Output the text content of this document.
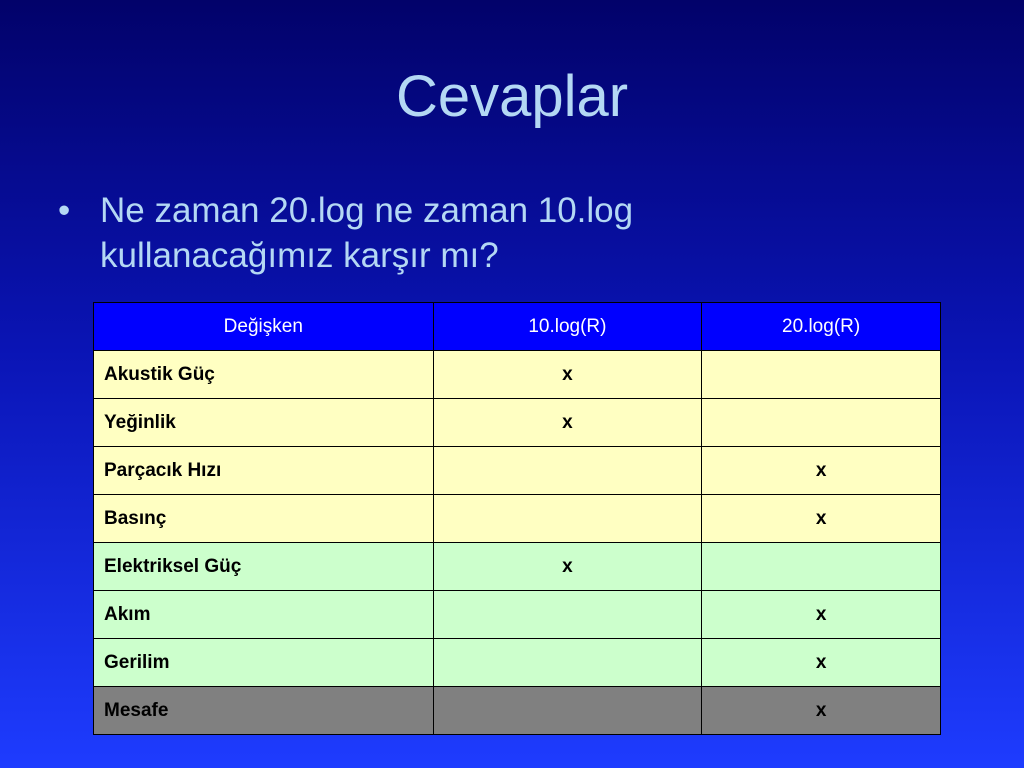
Cevaplar
• Ne zaman 20.log ne zaman 10.log kullanacağımız karşır mı?
Değişken	10.log(R)	20.log(R)
Akustik Güç	x	
Yeğinlik	x	
Parçacık Hızı		x
Basınç		x
Elektriksel Güç	x	
Akım		x
Gerilim		x
Mesafe		x
